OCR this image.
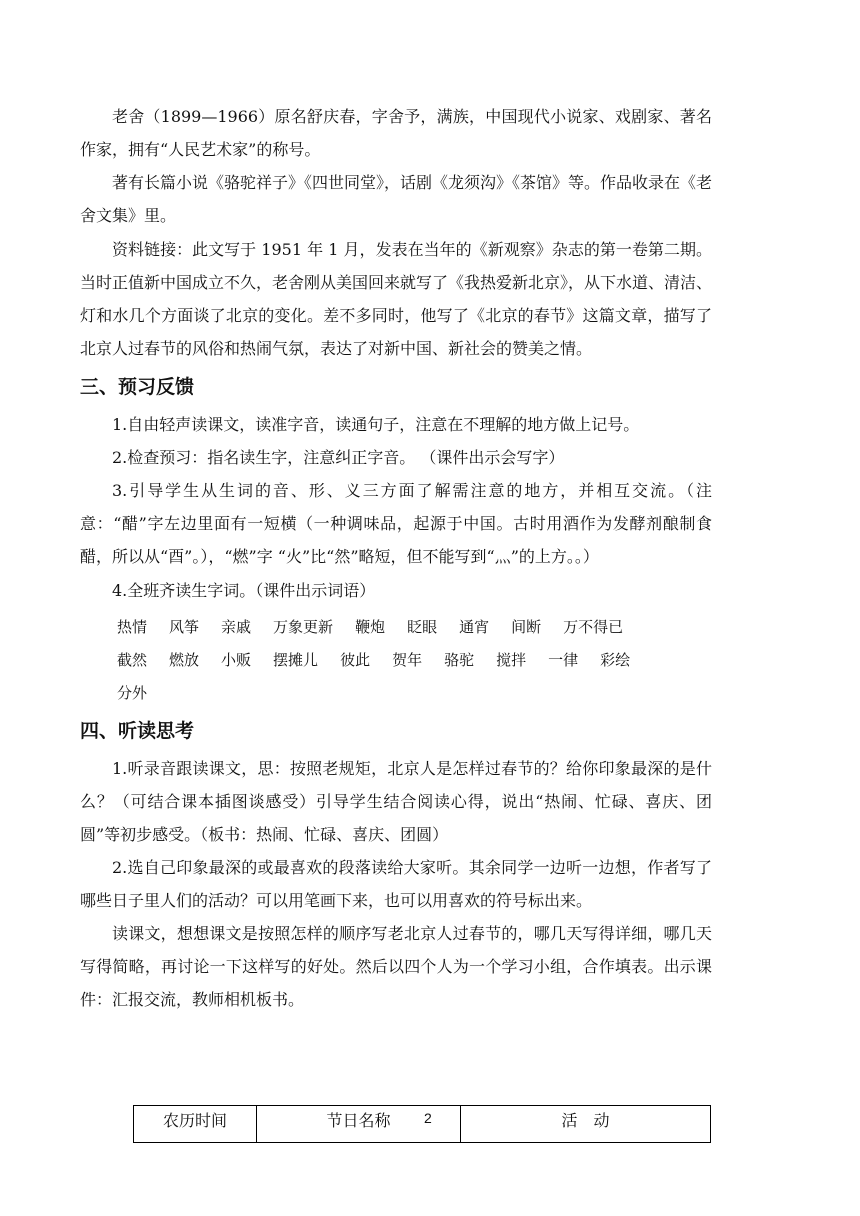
老舍（1899—1966）原名舒庆春，字舍予，满族，中国现代小说家、戏剧家、著名作家，拥有“人民艺术家”的称号。

著有长篇小说《骆驼祥子》《四世同堂》，话剧《龙须沟》《茶馆》等。作品收录在《老舍文集》里。

资料链接：此文写于 1951 年 1 月，发表在当年的《新观察》杂志的第一卷第二期。当时正值新中国成立不久，老舍刚从美国回来就写了《我热爱新北京》，从下水道、清洁、灯和水几个方面谈了北京的变化。差不多同时，他写了《北京的春节》这篇文章，描写了北京人过春节的风俗和热闹气氛，表达了对新中国、新社会的赞美之情。

三、预习反馈

1.自由轻声读课文，读准字音，读通句子，注意在不理解的地方做上记号。

2.检查预习：指名读生字，注意纠正字音。 （课件出示会写字）

3.引导学生从生词的音、形、义三方面了解需注意的地方，并相互交流。（注意：“醋”字左边里面有一短横（一种调味品，起源于中国。古时用酒作为发酵剂酿制食醋，所以从“酉”。），“燃”字 “火”比“然”略短，但不能写到“灬”的上方。。）

4.全班齐读生字词。（课件出示词语）

热情 风筝 亲戚 万象更新 鞭炮 眨眼 通宵 间断 万不得已
截然 燃放 小贩 摆摊儿 彼此 贺年 骆驼 搅拌 一律 彩绘
分外
四、听读思考

1.听录音跟读课文，思：按照老规矩，北京人是怎样过春节的？给你印象最深的是什么？（可结合课本插图谈感受）引导学生结合阅读心得，说出“热闹、忙碌、喜庆、团圆”等初步感受。（板书：热闹、忙碌、喜庆、团圆）

2.选自己印象最深的或最喜欢的段落读给大家听。其余同学一边听一边想，作者写了哪些日子里人们的活动？可以用笔画下来，也可以用喜欢的符号标出来。

读课文，想想课文是按照怎样的顺序写老北京人过春节的，哪几天写得详细，哪几天写得简略，再讨论一下这样写的好处。然后以四个人为一个学习小组，合作填表。出示课件：汇报交流，教师相机板书。

农历时间	节日名称	活　动
2
